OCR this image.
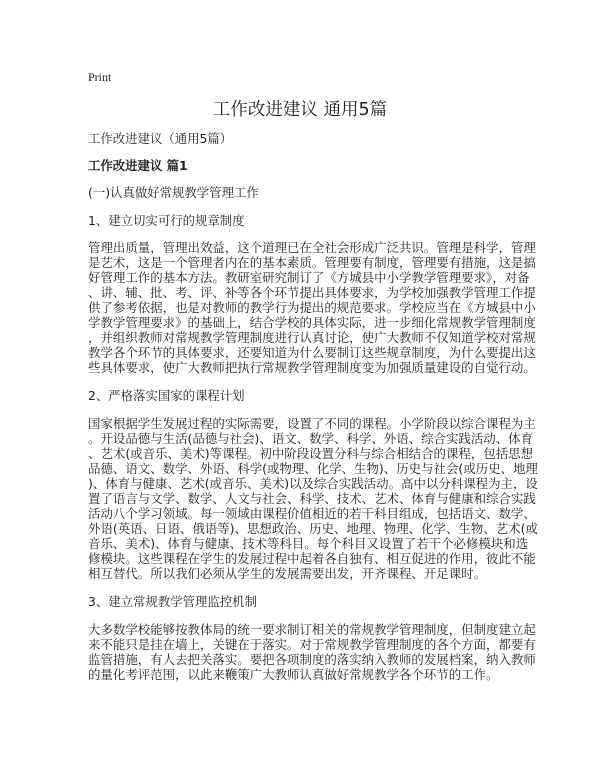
Print
工作改进建议 通用5篇
工作改进建议（通用5篇）
工作改进建议 篇1
(一)认真做好常规教学管理工作
1、建立切实可行的规章制度
管理出质量，管理出效益，这个道理已在全社会形成广泛共识。管理是科学，管理
是艺术，这是一个管理者内在的基本素质。管理要有制度，管理要有措施，这是搞
好管理工作的基本方法。教研室研究制订了《方城县中小学教学管理要求》，对备
、讲、辅、批、考、评、补等各个环节提出具体要求，为学校加强教学管理工作提
供了参考依据，也是对教师的教学行为提出的规范要求。学校应当在《方城县中小
学教学管理要求》的基础上，结合学校的具体实际，进一步细化常规教学管理制度
，并组织教师对常规教学管理制度进行认真讨论，使广大教师不仅知道学校对常规
教学各个环节的具体要求，还要知道为什么要制订这些规章制度，为什么要提出这
些具体要求，使广大教师把执行常规教学管理制度变为加强质量建设的自觉行动。
2、严格落实国家的课程计划
国家根据学生发展过程的实际需要，设置了不同的课程。小学阶段以综合课程为主
。开设品德与生活(品德与社会)、语文、数学、科学、外语、综合实践活动、体育
、艺术(或音乐、美术)等课程。初中阶段设置分科与综合相结合的课程，包括思想
品德、语文、数学、外语、科学(或物理、化学、生物)、历史与社会(或历史、地理
)、体育与健康、艺术(或音乐、美术)以及综合实践活动。高中以分科课程为主，设
置了语言与文学、数学、人文与社会、科学、技术、艺术、体育与健康和综合实践
活动八个学习领域。每一领域由课程价值相近的若干科目组成，包括语文、数学、
外语(英语、日语、俄语等)、思想政治、历史、地理、物理、化学、生物、艺术(或
音乐、美术)、体育与健康、技术等科目。每个科目又设置了若干个必修模块和选
修模块。这些课程在学生的发展过程中起着各自独有、相互促进的作用，彼此不能
相互替代。所以我们必须从学生的发展需要出发，开齐课程、开足课时。
3、建立常规教学管理监控机制
大多数学校能够按教体局的统一要求制订相关的常规教学管理制度，但制度建立起
来不能只是挂在墙上，关键在于落实。对于常规教学管理制度的各个方面，都要有
监管措施，有人去把关落实。要把各项制度的落实纳入教师的发展档案，纳入教师
的量化考评范围，以此来鞭策广大教师认真做好常规教学各个环节的工作。
